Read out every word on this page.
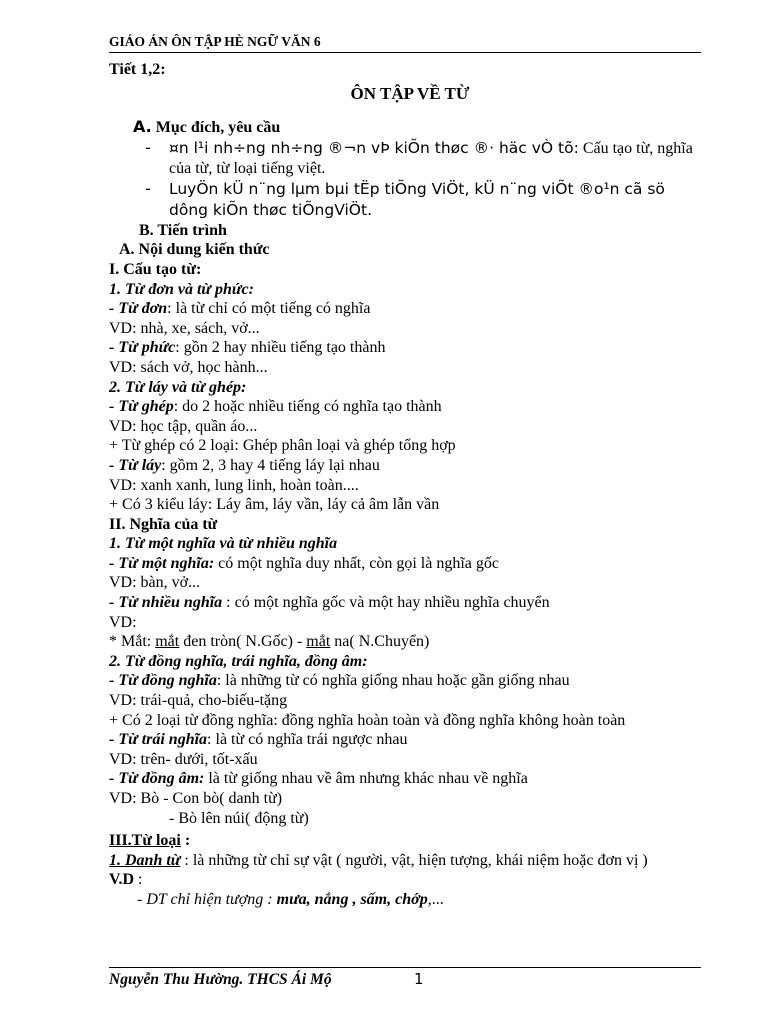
GIÁO ÁN ÔN TẬP HÈ NGỮ VĂN 6
Tiết 1,2:
ÔN TẬP VỀ TỪ
A. Mục đích, yêu cầu
-	¤n l¹i nh÷ng nh÷ng ®¬n vÞ kiÕn thøc ®· häc vÒ tõ: Cấu tạo từ, nghĩa của từ, từ loại tiếng việt.
-	LuyÖn kÜ n¨ng lµm bµi tËp tiÕng ViÖt, kÜ n¨ng viÕt ®o¹n cã sö dông kiÕn thøc tiÕngViÖt.
B. Tiến trình
A. Nội dung kiến thức
I. Cấu tạo từ:
1. Từ đơn và từ phức:
- Từ đơn: là từ chỉ có một tiếng có nghĩa
VD: nhà, xe, sách, vở...
- Từ phức: gồn 2 hay nhiều tiếng tạo thành
VD: sách vở, học hành...
2. Từ láy và từ ghép:
- Từ ghép: do 2 hoặc nhiều tiếng có nghĩa tạo thành
VD: học tập, quần áo...
+ Từ ghép có 2 loại: Ghép phân loại và ghép tổng hợp
- Từ láy: gồm 2, 3 hay 4 tiếng láy lại nhau
VD: xanh xanh, lung linh, hoàn toàn....
+ Có 3 kiểu láy: Láy âm, láy vần, láy cả âm lẫn vần
II. Nghĩa của từ
1. Từ một nghĩa và từ nhiều nghĩa
- Từ một nghĩa: có một nghĩa duy nhất, còn gọi là nghĩa gốc
VD: bàn, vở...
- Từ nhiều nghĩa : có một nghĩa gốc và một hay nhiều nghĩa chuyển
VD:
* Mắt: mắt đen tròn( N.Gốc) - mắt na( N.Chuyển)
2. Từ đồng nghĩa, trái nghĩa, đồng âm:
- Từ đồng nghĩa: là những từ có nghĩa giống nhau hoặc gần giống nhau
VD: trái-quả, cho-biếu-tặng
+ Có 2 loại từ đồng nghĩa: đồng nghĩa hoàn toàn và đồng nghĩa không hoàn toàn
- Từ trái nghĩa: là từ có nghĩa trái ngược nhau
VD: trên- dưới, tốt-xấu
- Từ đồng âm: là từ giống nhau về âm nhưng khác nhau về nghĩa
VD: Bò - Con bò( danh từ)
- Bò lên núi( động từ)
III.Từ loại :
1. Danh từ : là những từ chỉ sự vật ( người, vật, hiện tượng, khái niệm hoặc đơn vị )
V.D :
- DT chỉ hiện tượng : mưa, nắng , sấm, chớp,...
Nguyễn Thu Hường. THCS Ái Mộ	1
